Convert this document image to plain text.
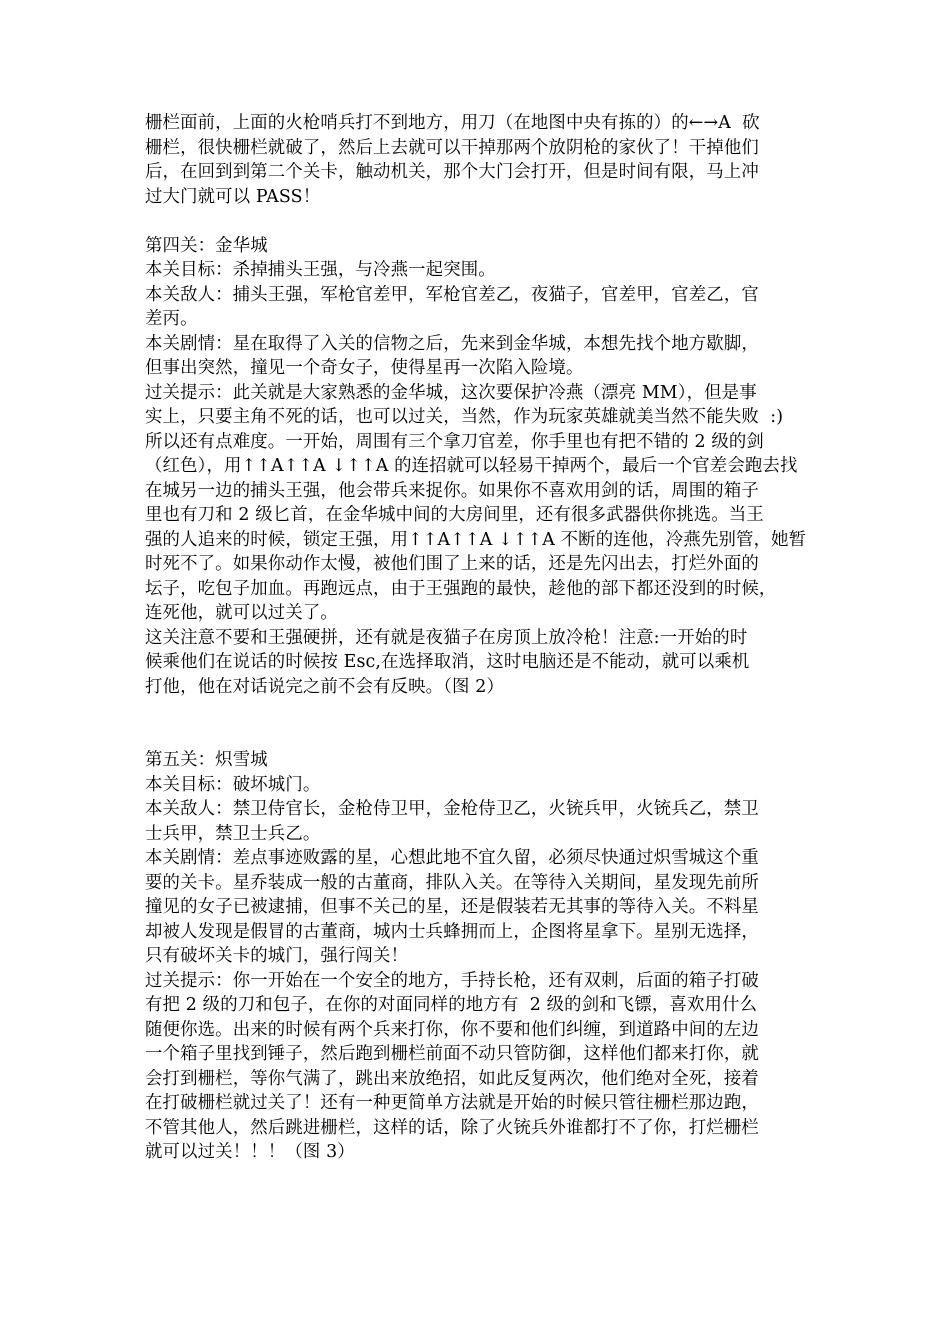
栅栏面前，上面的火枪哨兵打不到地方，用刀（在地图中央有拣的）的←→A  砍
栅栏，很快栅栏就破了，然后上去就可以干掉那两个放阴枪的家伙了！干掉他们
后，在回到到第二个关卡，触动机关，那个大门会打开，但是时间有限，马上冲
过大门就可以 PASS！
第四关：金华城
本关目标：杀掉捕头王强，与冷燕一起突围。
本关敌人：捕头王强，军枪官差甲，军枪官差乙，夜猫子，官差甲，官差乙，官
差丙。
本关剧情：星在取得了入关的信物之后，先来到金华城，本想先找个地方歇脚，
但事出突然，撞见一个奇女子，使得星再一次陷入险境。
过关提示：此关就是大家熟悉的金华城，这次要保护冷燕（漂亮 MM），但是事
实上，只要主角不死的话，也可以过关，当然，作为玩家英雄就美当然不能失败  :)
所以还有点难度。一开始，周围有三个拿刀官差，你手里也有把不错的 2 级的剑
（红色），用↑↑A↑↑A ↓↑↑A 的连招就可以轻易干掉两个，最后一个官差会跑去找
在城另一边的捕头王强，他会带兵来捉你。如果你不喜欢用剑的话，周围的箱子
里也有刀和 2 级匕首，在金华城中间的大房间里，还有很多武器供你挑选。当王
强的人追来的时候，锁定王强，用↑↑A↑↑A ↓↑↑A 不断的连他，冷燕先别管，她暂
时死不了。如果你动作太慢，被他们围了上来的话，还是先闪出去，打烂外面的
坛子，吃包子加血。再跑远点，由于王强跑的最快，趁他的部下都还没到的时候，
连死他，就可以过关了。
这关注意不要和王强硬拼，还有就是夜猫子在房顶上放冷枪！注意:一开始的时
候乘他们在说话的时候按 Esc,在选择取消，这时电脑还是不能动，就可以乘机
打他，他在对话说完之前不会有反映。（图 2）
第五关：炽雪城
本关目标：破坏城门。
本关敌人：禁卫侍官长，金枪侍卫甲，金枪侍卫乙，火铳兵甲，火铳兵乙，禁卫
士兵甲，禁卫士兵乙。
本关剧情：差点事迹败露的星，心想此地不宜久留，必须尽快通过炽雪城这个重
要的关卡。星乔装成一般的古董商，排队入关。在等待入关期间，星发现先前所
撞见的女子已被逮捕，但事不关己的星，还是假装若无其事的等待入关。不料星
却被人发现是假冒的古董商，城内士兵蜂拥而上，企图将星拿下。星别无选择，
只有破坏关卡的城门，强行闯关！
过关提示：你一开始在一个安全的地方，手持长枪，还有双刺，后面的箱子打破
有把 2 级的刀和包子，在你的对面同样的地方有  2 级的剑和飞镖，喜欢用什么
随便你选。出来的时候有两个兵来打你，你不要和他们纠缠，到道路中间的左边
一个箱子里找到锤子，然后跑到栅栏前面不动只管防御，这样他们都来打你，就
会打到栅栏，等你气满了，跳出来放绝招，如此反复两次，他们绝对全死，接着
在打破栅栏就过关了！还有一种更简单方法就是开始的时候只管往栅栏那边跑，
不管其他人，然后跳进栅栏，这样的话，除了火铳兵外谁都打不了你，打烂栅栏
就可以过关！！！（图 3）
